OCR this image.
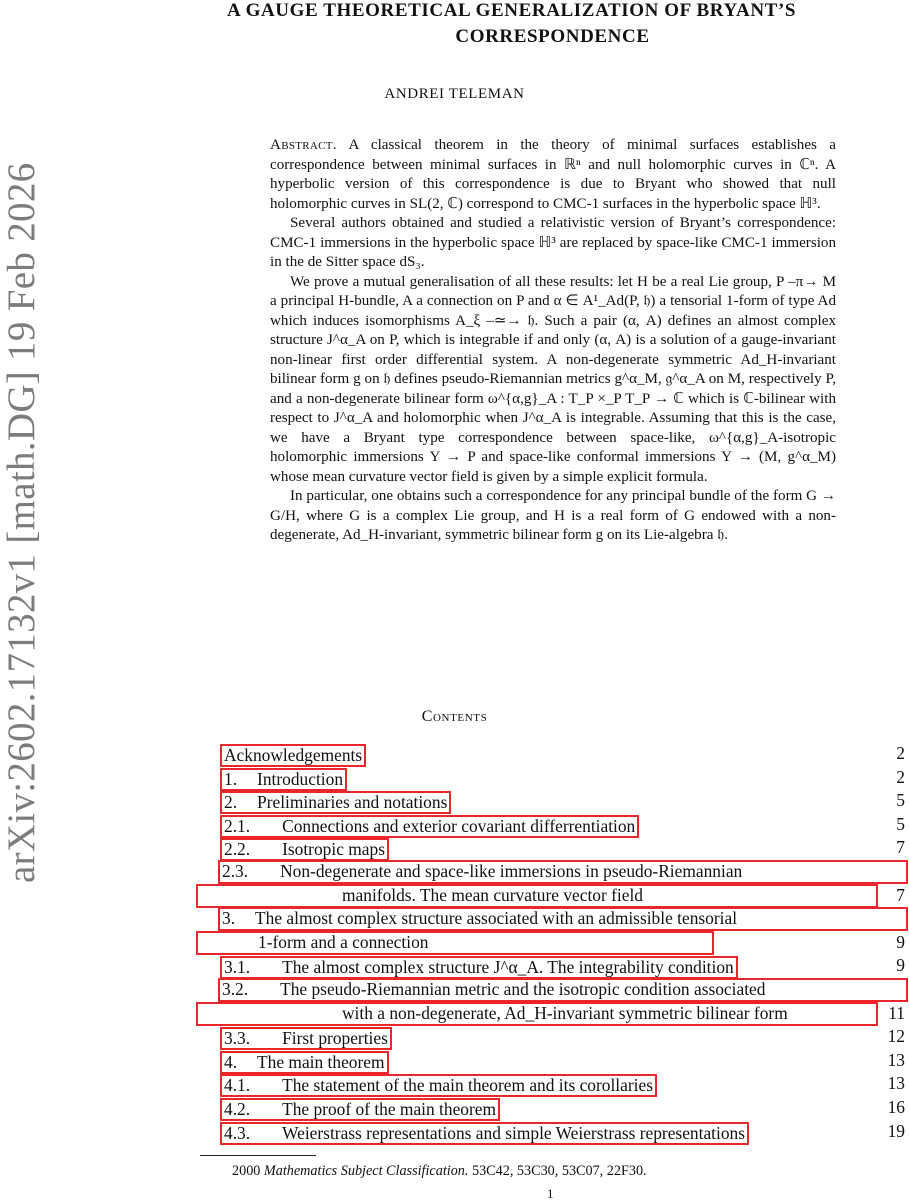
arXiv:2602.17132v1 [math.DG] 19 Feb 2026
A GAUGE THEORETICAL GENERALIZATION OF BRYANT’S
CORRESPONDENCE
ANDREI TELEMAN

Abstract. A classical theorem in the theory of minimal surfaces establishes a correspondence between minimal surfaces in ℝⁿ and null holomorphic curves in ℂⁿ. A hyperbolic version of this correspondence is due to Bryant who showed that null holomorphic curves in SL(2, ℂ) correspond to CMC-1 surfaces in the hyperbolic space ℍ³.

Several authors obtained and studied a relativistic version of Bryant’s correspondence: CMC-1 immersions in the hyperbolic space ℍ³ are replaced by space-like CMC-1 immersion in the de Sitter space dS₃.

We prove a mutual generalisation of all these results: let H be a real Lie group, P –π→ M a principal H-bundle, A a connection on P and α ∈ A¹_Ad(P, 𝔥) a tensorial 1-form of type Ad which induces isomorphisms A_ξ –≃→ 𝔥. Such a pair (α, A) defines an almost complex structure J^α_A on P, which is integrable if and only (α, A) is a solution of a gauge-invariant non-linear first order differential system. A non-degenerate symmetric Ad_H-invariant bilinear form g on 𝔥 defines pseudo-Riemannian metrics g^α_M, 𝔤^α_A on M, respectively P, and a non-degenerate bilinear form ω^{α,g}_A : T_P ×_P T_P → ℂ which is ℂ-bilinear with respect to J^α_A and holomorphic when J^α_A is integrable. Assuming that this is the case, we have a Bryant type correspondence between space-like, ω^{α,g}_A-isotropic holomorphic immersions Y → P and space-like conformal immersions Y → (M, g^α_M) whose mean curvature vector field is given by a simple explicit formula.

In particular, one obtains such a correspondence for any principal bundle of the form G → G/H, where G is a complex Lie group, and H is a real form of G endowed with a non-degenerate, Ad_H-invariant, symmetric bilinear form g on its Lie-algebra 𝔥.

Contents
Acknowledgements	2
1. Introduction	2
2. Preliminaries and notations	5
2.1. Connections and exterior covariant differrentiation	5
2.2. Isotropic maps	7
2.3. Non-degenerate and space-like immersions in pseudo-Riemannian
manifolds. The mean curvature vector field	7
3. The almost complex structure associated with an admissible tensorial
1-form and a connection	9
3.1. The almost complex structure J^α_A. The integrability condition	9
3.2. The pseudo-Riemannian metric and the isotropic condition associated
with a non-degenerate, Ad_H-invariant symmetric bilinear form	11
3.3. First properties	12
4. The main theorem	13
4.1. The statement of the main theorem and its corollaries	13
4.2. The proof of the main theorem	16
4.3. Weierstrass representations and simple Weierstrass representations	19
2000 Mathematics Subject Classification. 53C42, 53C30, 53C07, 22F30.
1
